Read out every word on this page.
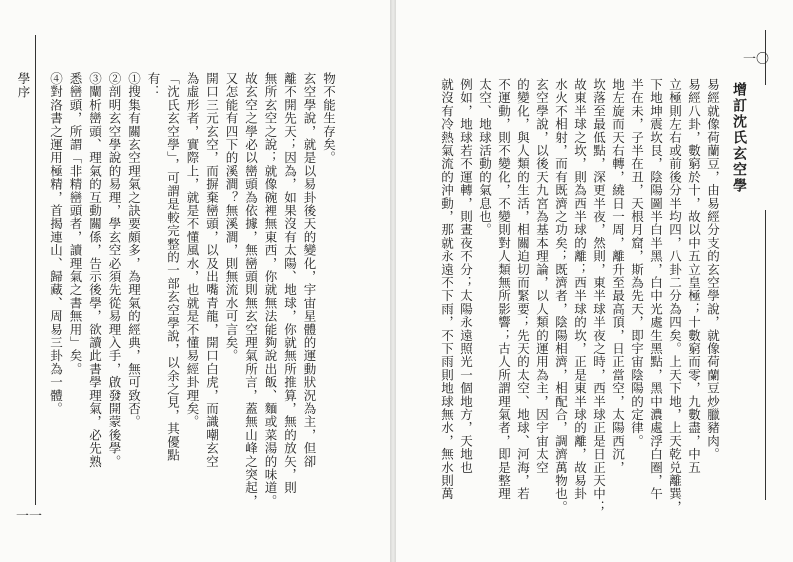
學序
一一
物不能生存矣。
玄空學說，就是以易卦後天的變化，宇宙星體的運動狀況為主，但卻
離不開先天；因為，如果沒有太陽、地球，你就無所推算，無的放矢，則
無所玄空之說；就像碗裡無東西，你就無法能夠說出飯、麵或菜湯的味道。
故玄空之學必以巒頭為依據，無巒頭則無玄空理氣所言，蓋無山峰之突起，
又怎能有四下的溪澗？無溪澗，則無流水可言矣。
開口三元玄空，而摒棄巒頭，以及出嘴青龍，開口白虎，而識嘲玄空
為虛形者，實際上，就是不懂風水，也就是不懂易經卦理矣。
「沈氏玄空學」，可謂是較完整的一部玄空學說，以余之見，其優點
有：
①搜集有關玄空理氣之訣要頗多，為理氣的經典，無可致否。
②剖明玄空學說的易理，學玄空必須先從易理入手，啟發開蒙後學。
③闡析巒頭、理氣的互動關係，告示後學，欲讀此書學理氣，必先熟
悉巒頭，所謂「非精巒頭者，讀理氣之書無用」矣。
④對洛書之運用極精，首揭連山、歸藏、周易三卦為一體。	增訂沈氏玄空學
一〇
易經就像荷蘭豆，由易經分支的玄空學說，就像荷蘭豆炒臘豬肉。
易經八卦，數窮於十，故以中五立皇極；十數窮而零，九數盡，中五
立極則左右或前後分半均四，八卦二分為四矣。上天下地，上天乾兑離巽，
下地坤震坎艮，陰陽圖半白半黑，白中光處生黑點，黑中濃處浮白圈，午
半在未，子半在丑，天根月窟，斯為先天，即宇宙陰陽的定律。
地左旋而天右轉，繞日一周，離升至最高頂，日正當空，太陽西沉，
坎落至最低點，深更半夜，然則，東半球半夜之時，西半球正是日正天中；
故東半球之坎，則為西半球的離；西半球的坎，正是東半球的離，故易卦
水火不相射，而有既濟之功矣；既濟者，陰陽相濟，相配合，調濟萬物也。
玄空學說，以後天九宮為基本理論，以人類的運用為主，因宇宙太空
的變化，與人類的生活，相關迫切而緊要；先天的太空、地球、河海，若
不運動，則不變化，不變則對人類無所影響；古人所謂理氣者，即是整理
太空、地球活動的氣息也。
例如，地球若不運轉，則晝夜不分；太陽永遠照光一個地方，天地也
就沒有冷熱氣流的沖動，那就永遠不下雨，不下雨則地球無水，無水則萬
